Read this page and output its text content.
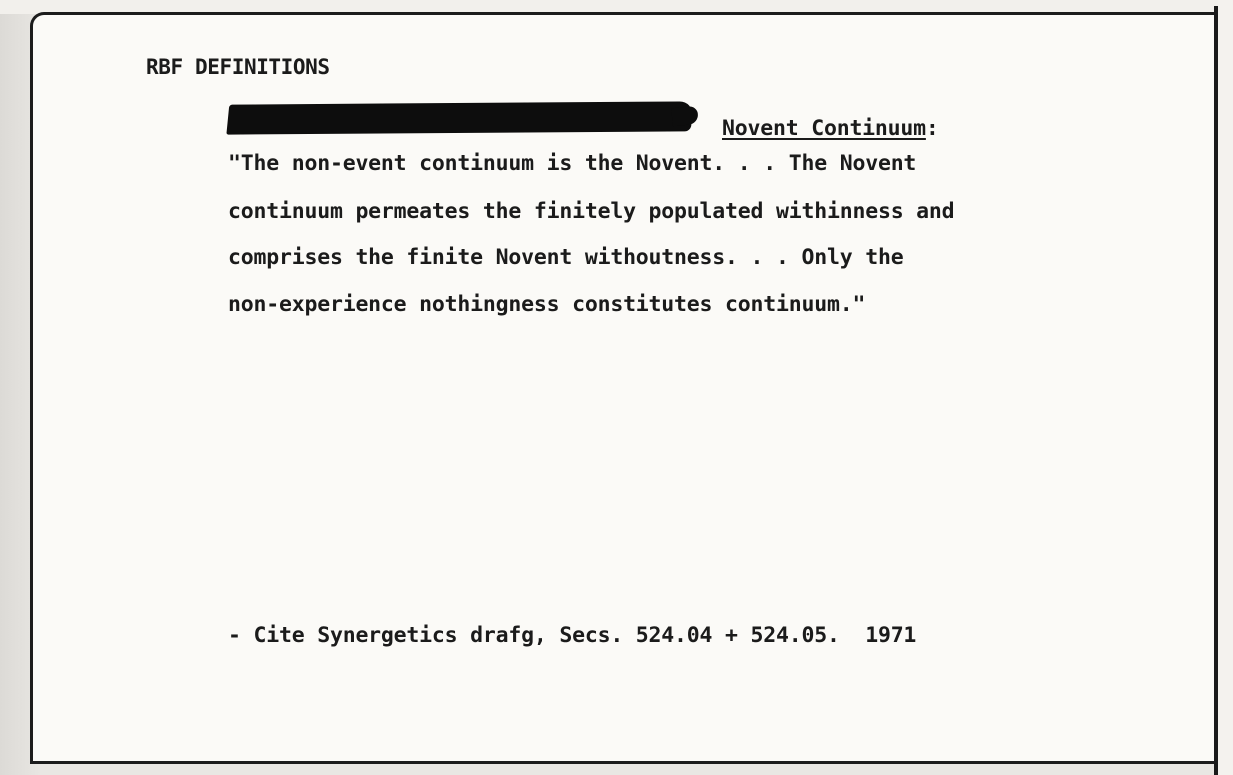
RBF DEFINITIONS
Novent Continuum:
"The non-event continuum is the Novent. . . The Novent
continuum permeates the finitely populated withinness and
comprises the finite Novent withoutness. . . Only the
non-experience nothingness constitutes continuum."
- Cite Synergetics drafg, Secs. 524.04 + 524.05.  1971
